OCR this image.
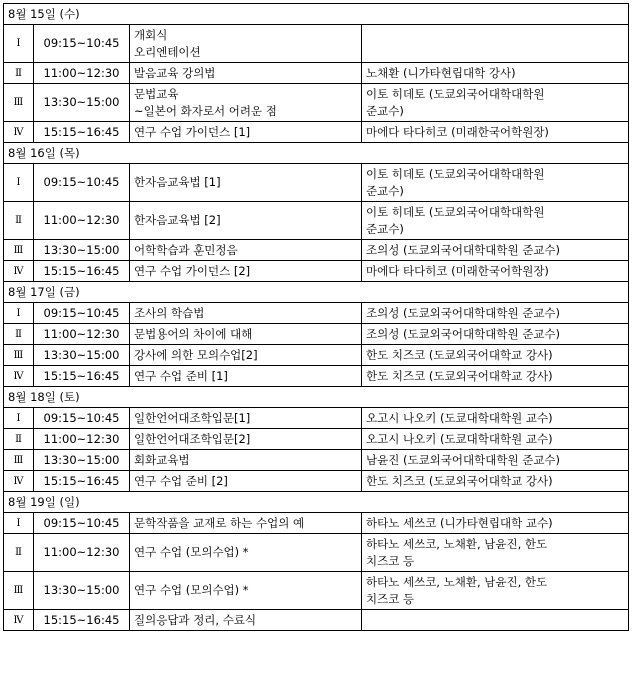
8월 15일 (수)			
Ⅰ	09:15~10:45	개회식
오리엔테이션	
Ⅱ	11:00~12:30	발음교육 강의법	노채환 (니가타현립대학 강사)
Ⅲ	13:30~15:00	문법교육
~일본어 화자로서 어려운 점	이토 히데토 (도쿄외국어대학대학원
준교수)
Ⅳ	15:15~16:45	연구 수업 가이던스 [1]	마에다 타다히코 (미래한국어학원장)
8월 16일 (목)			
Ⅰ	09:15~10:45	한자음교육법 [1]	이토 히데토 (도쿄외국어대학대학원
준교수)
Ⅱ	11:00~12:30	한자음교육법 [2]	이토 히데토 (도쿄외국어대학대학원
준교수)
Ⅲ	13:30~15:00	어학학습과 훈민정음	조의성 (도쿄외국어대학대학원 준교수)
Ⅳ	15:15~16:45	연구 수업 가이던스 [2]	마에다 타다히코 (미래한국어학원장)
8월 17일 (금)			
Ⅰ	09:15~10:45	조사의 학습법	조의성 (도쿄외국어대학대학원 준교수)
Ⅱ	11:00~12:30	문법용어의 차이에 대해	조의성 (도쿄외국어대학대학원 준교수)
Ⅲ	13:30~15:00	강사에 의한 모의수업[2]	한도 치즈코 (도쿄외국어대학교 강사)
Ⅳ	15:15~16:45	연구 수업 준비 [1]	한도 치즈코 (도쿄외국어대학교 강사)
8월 18일 (토)			
Ⅰ	09:15~10:45	일한언어대조학입문[1]	오고시 나오키 (도쿄대학대학원 교수)
Ⅱ	11:00~12:30	일한언어대조학입문[2]	오고시 나오키 (도쿄대학대학원 교수)
Ⅲ	13:30~15:00	회화교육법	남윤진 (도쿄외국어대학대학원 준교수)
Ⅳ	15:15~16:45	연구 수업 준비 [2]	한도 치즈코 (도쿄외국어대학교 강사)
8월 19일 (일)			
Ⅰ	09:15~10:45	문학작품을 교재로 하는 수업의 예	하타노 세쓰코 (니가타현립대학 교수)
Ⅱ	11:00~12:30	연구 수업 (모의수업) *	하타노 세쓰코, 노채환, 남윤진, 한도
치즈코 등
Ⅲ	13:30~15:00	연구 수업 (모의수업) *	하타노 세쓰코, 노채환, 남윤진, 한도
치즈코 등
Ⅳ	15:15~16:45	질의응답과 정리, 수료식	
